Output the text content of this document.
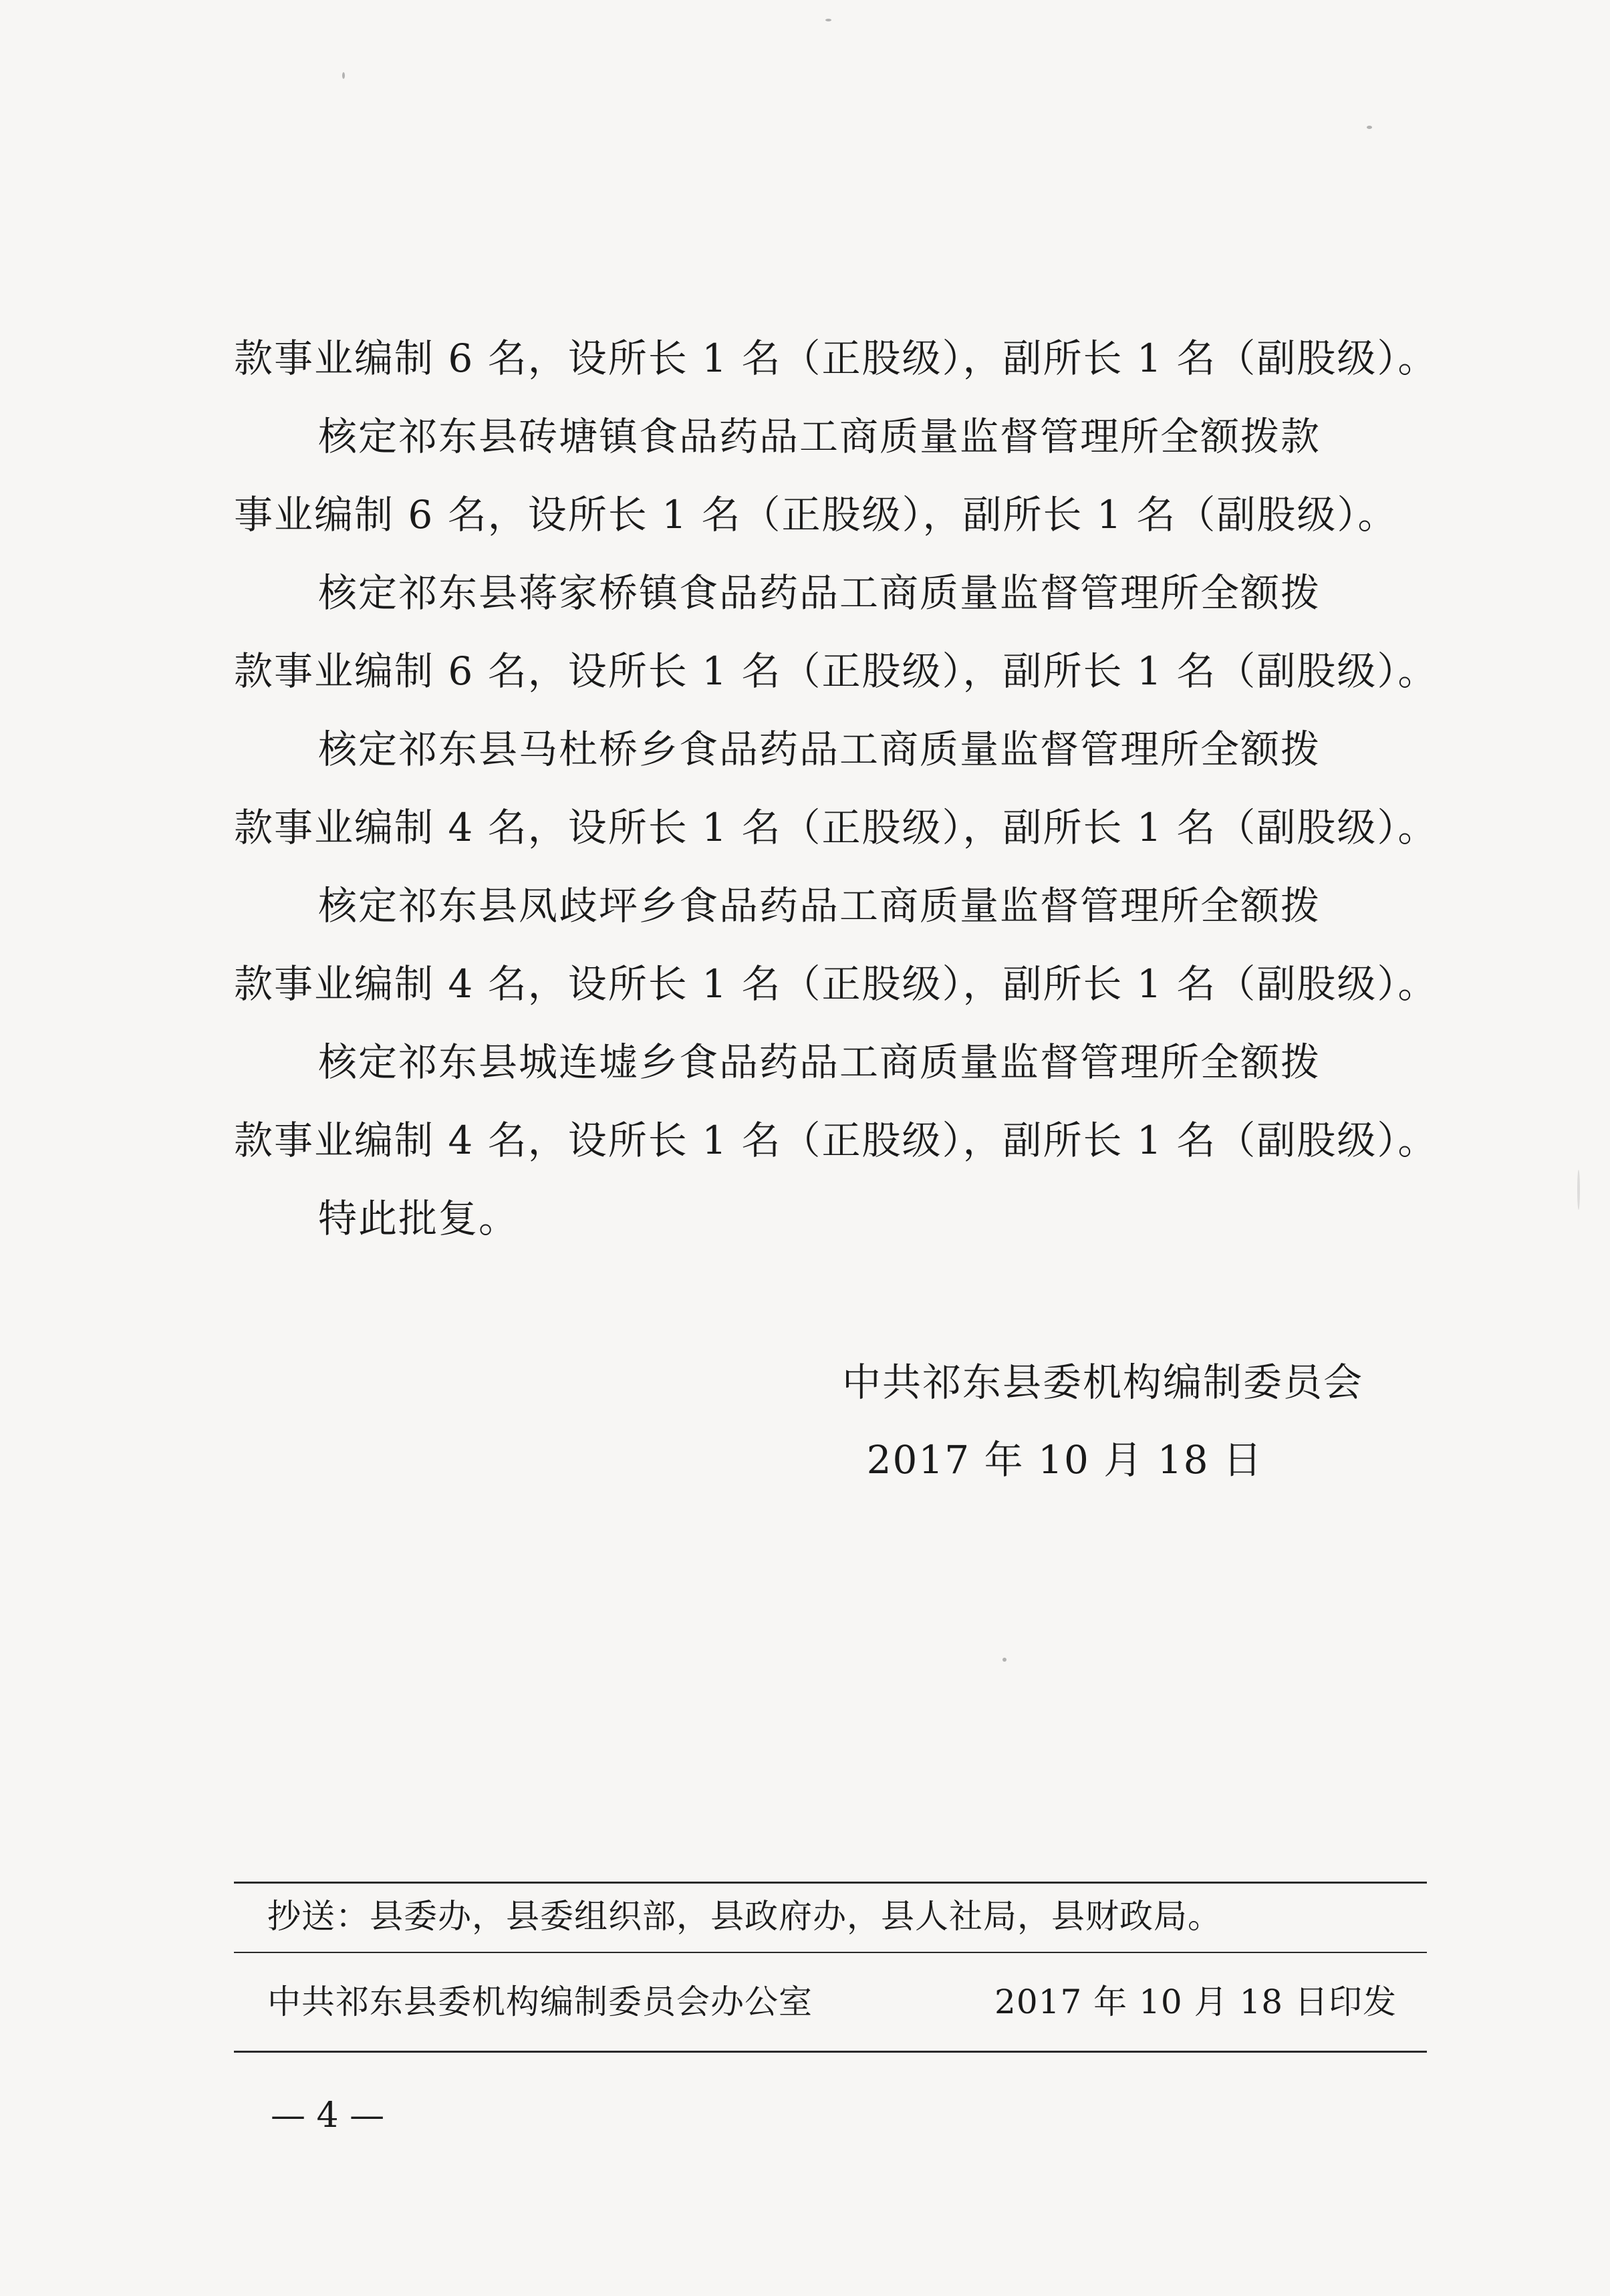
款事业编制 6 名，设所长 1 名（正股级），副所长 1 名（副股级）。
核定祁东县砖塘镇食品药品工商质量监督管理所全额拨款
事业编制 6 名，设所长 1 名（正股级），副所长 1 名（副股级）。
核定祁东县蒋家桥镇食品药品工商质量监督管理所全额拨
款事业编制 6 名，设所长 1 名（正股级），副所长 1 名（副股级）。
核定祁东县马杜桥乡食品药品工商质量监督管理所全额拨
款事业编制 4 名，设所长 1 名（正股级），副所长 1 名（副股级）。
核定祁东县凤歧坪乡食品药品工商质量监督管理所全额拨
款事业编制 4 名，设所长 1 名（正股级），副所长 1 名（副股级）。
核定祁东县城连墟乡食品药品工商质量监督管理所全额拨
款事业编制 4 名，设所长 1 名（正股级），副所长 1 名（副股级）。
特此批复。
中共祁东县委机构编制委员会
2017 年 10 月 18 日
抄送：县委办，县委组织部，县政府办，县人社局，县财政局。
中共祁东县委机构编制委员会办公室	2017 年 10 月 18 日印发
— 4 —
